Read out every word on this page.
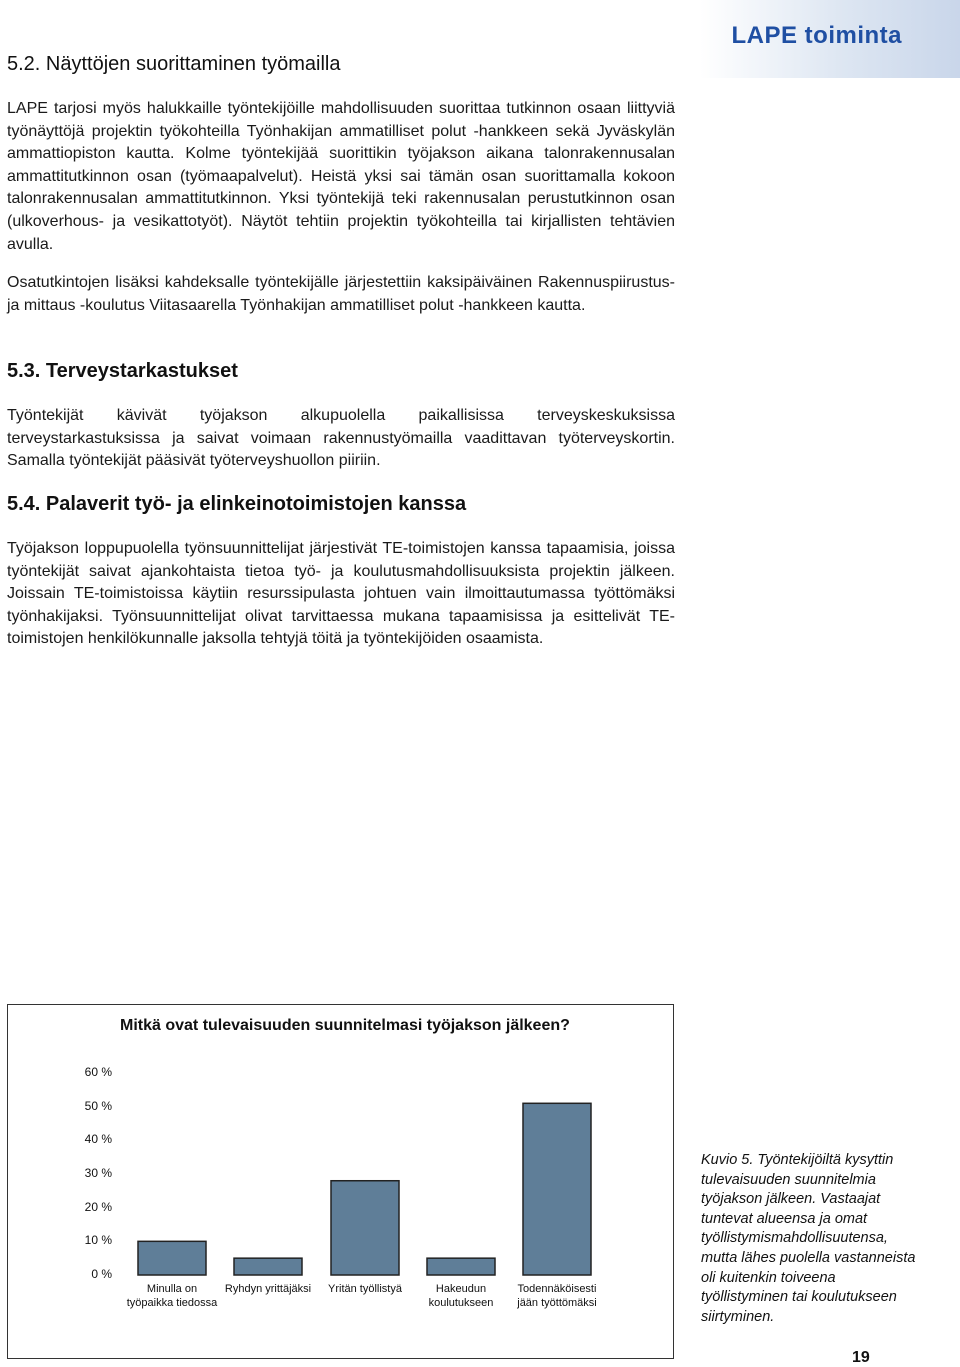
LAPE toiminta
5.2. Näyttöjen suorittaminen työmailla
LAPE tarjosi myös halukkaille työntekijöille mahdollisuuden suorittaa tutkinnon osaan liittyviä työnäyttöjä projektin työkohteilla Työnhakijan ammatilliset polut -hankkeen sekä Jyväskylän ammattiopiston kautta. Kolme työntekijää suorittikin työjakson aikana talonrakennusalan ammattitutkinnon osan (työmaapalvelut). Heistä yksi sai tämän osan suorittamalla kokoon talonrakennusalan ammattitutkinnon. Yksi työntekijä teki rakennusalan perustutkinnon osan (ulkoverhous- ja vesikattotyöt). Näytöt tehtiin projektin työkohteilla tai kirjallisten tehtävien avulla.
Osatutkintojen lisäksi kahdeksalle työntekijälle järjestettiin kaksipäiväinen Rakennuspiirustus-ja mittaus -koulutus Viitasaarella Työnhakijan ammatilliset polut -hankkeen kautta.
5.3. Terveystarkastukset
Työntekijät kävivät työjakson alkupuolella paikallisissa terveyskeskuksissa terveystarkastuksissa ja saivat voimaan rakennustyömailla vaadittavan työterveyskortin. Samalla työntekijät pääsivät työterveyshuollon piiriin.
5.4. Palaverit työ- ja elinkeinotoimistojen kanssa
Työjakson loppupuolella työnsuunnittelijat järjestivät TE-toimistojen kanssa tapaamisia, joissa työntekijät saivat ajankohtaista tietoa työ- ja koulutusmahdollisuuksista projektin jälkeen. Joissain TE-toimistoissa käytiin resurssipulasta johtuen vain ilmoittautumassa työttömäksi työnhakijaksi. Työnsuunnittelijat olivat tarvittaessa mukana tapaamisissa ja esittelivät TE-toimistojen henkilökunnalle jaksolla tehtyjä töitä ja työntekijöiden osaamista.
Mitkä ovat tulevaisuuden suunnitelmasi työjakson jälkeen?
0 %
10 %
20 %
30 %
40 %
50 %
60 %
Minulla on
työpaikka tiedossa
Ryhdyn yrittäjäksi	Yritän työllistyä	Hakeudun
koulutukseen
Todennäköisesti
jään työttömäksi
Kuvio 5. Työntekijöiltä kysyttin tulevaisuuden suunnitelmia työjakson jälkeen. Vastaajat tuntevat alueensa ja omat työllistymismahdollisuutensa, mutta lähes puolella vastanneista oli kuitenkin toiveena työllistyminen tai koulutukseen siirtyminen.
19
